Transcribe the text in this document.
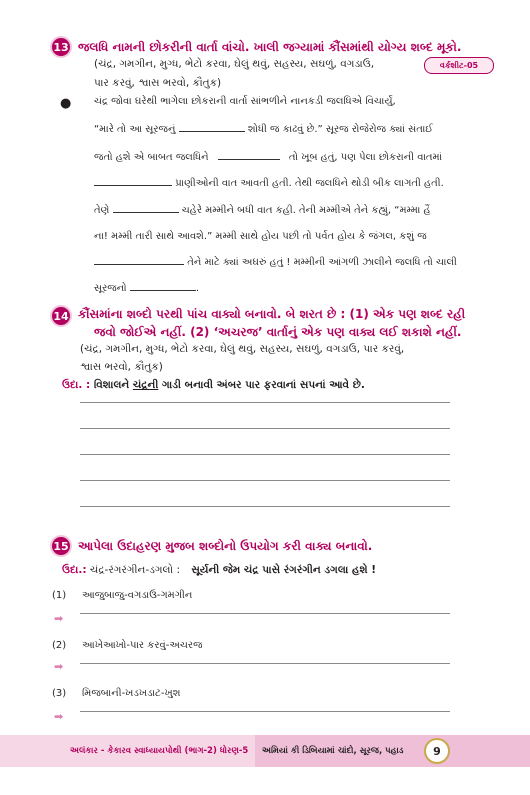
13 જલધિ નામની છોકરીની વાર્તા વાંચો. ખાલી જગ્યામાં કૌંસમાંથી યોગ્ય શબ્દ મૂકો.
(ચંદ્ર, ગમગીન, મુગ્ધ, ભેટો કરવા, ઘેલું થવું, સહસ્ય, સઘળું, વગડાઉ,	વર્કશીટ-05
પાર કરવું, શ્વાસ ભરવો, કૌતુક)
● ચંદ્ર જોવા ઘરેથી ભાગેલા છોકરાની વાર્તા સાંભળીને નાનકડી જલધિએ વિચાર્યું,
“મારે તો આ સૂરજનું	શોધી જ કાઢવું છે.” સૂરજ રોજેરોજ ક્યાં સંતાઈ
જતો હશે એ બાબત જલધિને	તો ખૂબ હતું, પણ પેલા છોકરાની વાતમાં
પ્રાણીઓની વાત આવતી હતી. તેથી જલધિને થોડી બીક લાગતી હતી.
તેણે	ચહેરે મમ્મીને બધી વાત કહી. તેની મમ્મીએ તેને કહ્યું, “મમ્મા હૈં
ના! મમ્મી તારી સાથે આવશે.” મમ્મી સાથે હોય પછી તો પર્વત હોય કે જંગલ, કશું જ
તેને માટે ક્યાં અઘરું હતું ! મમ્મીની આંગળી ઝાલીને જલધિ તો ચાલી
સૂરજનો	.
14 કૌંસમાંના શબ્દો પરથી પાંચ વાક્યો બનાવો. બે શરત છે : (1) એક પણ શબ્દ રહી
જવો જોઈએ નહીં. (2) ‘અચરજ’ વાર્તાનું એક પણ વાક્ય લઈ શકાશે નહીં.
(ચંદ્ર, ગમગીન, મુગ્ધ, ભેટો કરવા, ઘેલું થવું, સહસ્ય, સઘળું, વગડાઉ, પાર કરવું,
શ્વાસ ભરવો, કૌતુક)
ઉદા. : વિશાલને ચંદ્રની ગાડી બનાવી અંબર પાર ફરવાનાં સપનાં આવે છે.
15 આપેલા ઉદાહરણ મુજબ શબ્દોનો ઉપયોગ કરી વાક્ય બનાવો.
ઉદા.: ચંદ્ર-રંગરંગીન-ડગલો : સૂર્યની જેમ ચંદ્ર પાસે રંગરંગીન ડગલા હશે !
(1) આજુબાજુ-વગડાઉ-ગમગીન
➡
(2) આખેઆખો-પાર કરવું-અચરજ
➡
(3) મિજબાની-ખડખડાટ-ખુશ
➡
અલંકાર - કેકારવ સ્વાધ્યાયપોથી (ભાગ-2) ધોરણ-5 અમિયાં કી ડિબિયામાં ચાંદો, સૂરજ, પહાડ	9
